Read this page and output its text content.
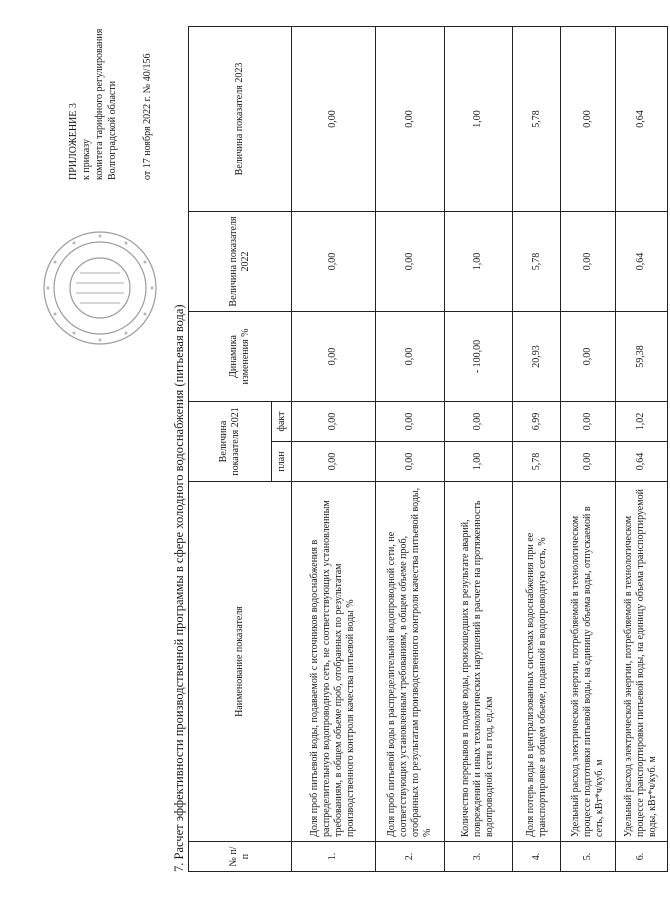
7. Расчет эффективности производственной программы в сфере холодного водоснабжения (питьевая вода)	№ п/п	Наименование показателя	Величина показателя 2021		Динамика изменения %	Величина показателя 2022	Величина показателя 2023
		план	факт			
1.	Доля проб питьевой воды, подаваемой с источников водоснабжения в распределительную водопроводную сеть, не соответствующих установленным требованиям, в общем объеме проб, отобранных по результатам производственного контроля качества питьевой воды %	0,00	0,00	0,00	0,00	0,00
2.	Доля проб питьевой воды в распределительной водопроводной сети, не соответствующих установленным требованиям, в общем объеме проб, отобранных по результатам производственного контроля качества питьевой воды, %	0,00	0,00	0,00	0,00	0,00
3.	Количество перерывов в подаче воды, произошедших в результате аварий, повреждений и иных технологических нарушений в расчете на протяженность водопроводной сети в год, ед./км	1,00	0,00	- 100,00	1,00	1,00
4.	Доля потерь воды в централизованных системах водоснабжения при ее транспортировке в общем объеме, поданной в водопроводную сеть, %	5,78	6,99	20,93	5,78	5,78
5.	Удельный расход электрической энергии, потребляемой в технологическом процессе подготовки питьевой воды, на единицу объема воды, отпускаемой в сеть, кВт*ч/куб. м	0,00	0,00	0,00	0,00	0,00
6.	Удельный расход электрической энергии, потребляемой в технологическом процессе транспортировки питьевой воды, на единицу объема транспортируемой воды, кВт*ч/куб. м	0,64	1,02	59,38	0,64	0,64
ПРИЛОЖЕНИЕ 3 к приказу комитета тарифного регулирования Волгоградской области от 17 ноября 2022 г. № 40/156
